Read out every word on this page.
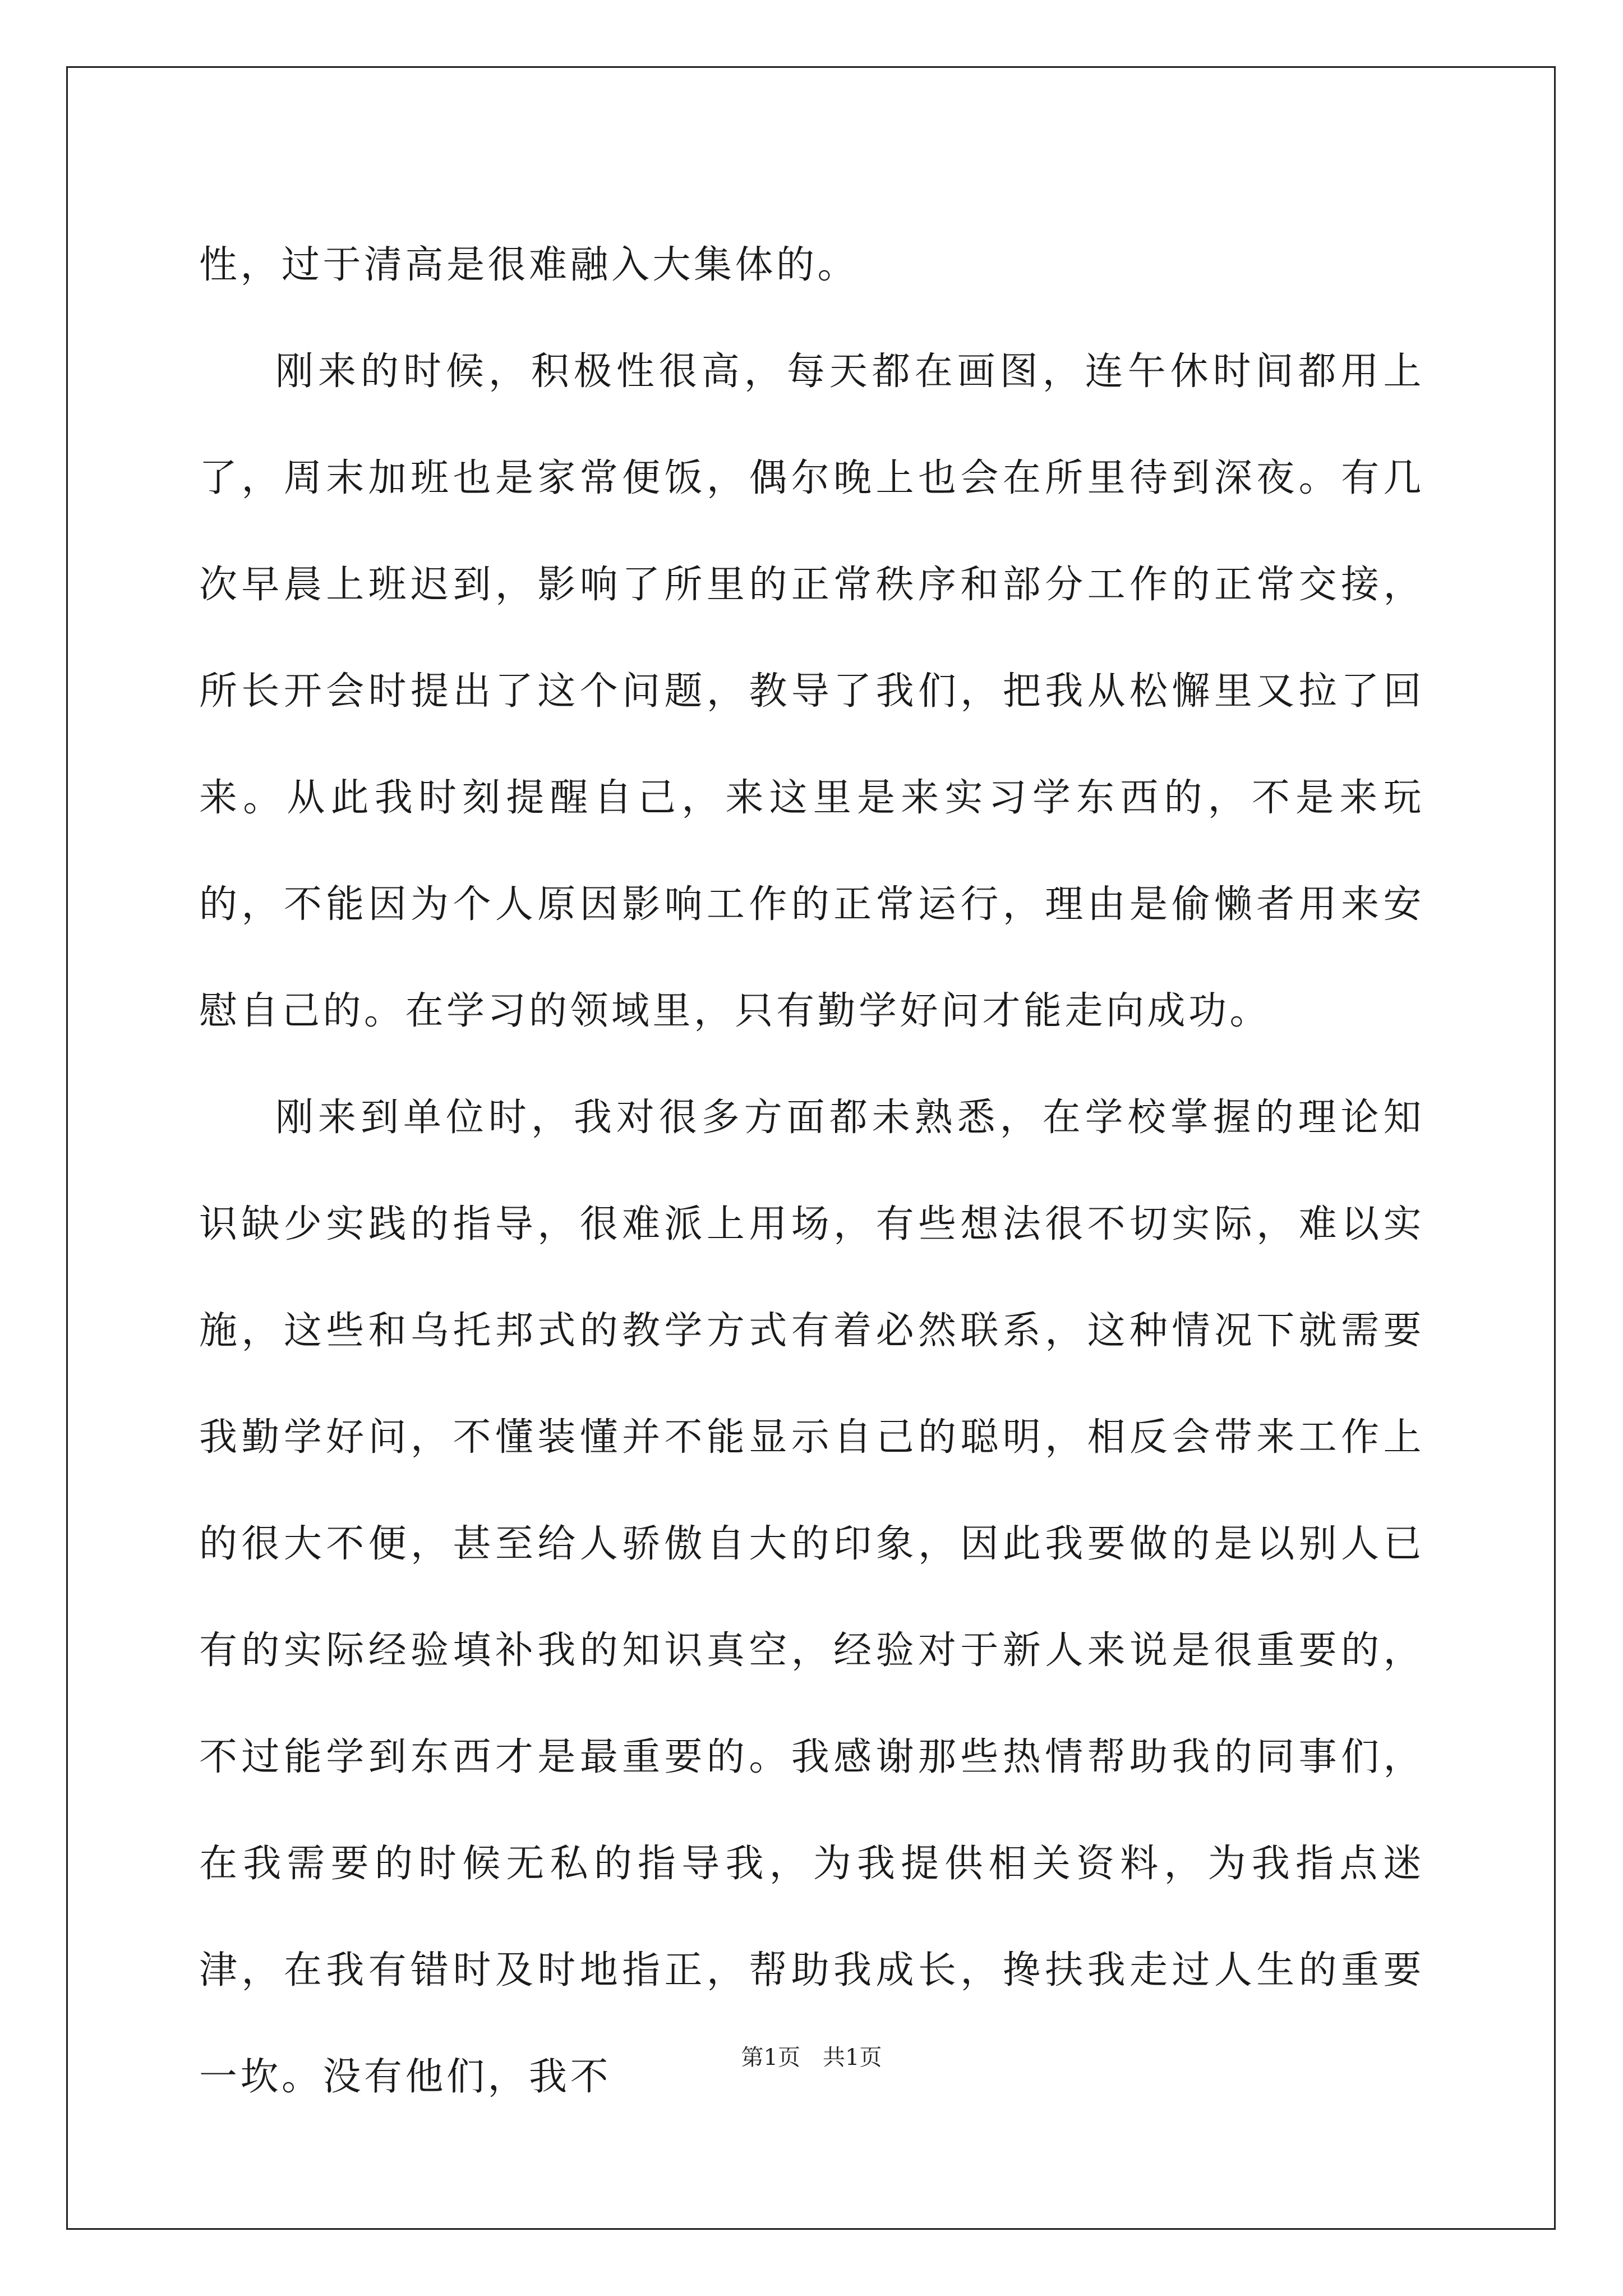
性，过于清高是很难融入大集体的。

刚来的时候，积极性很高，每天都在画图，连午休时间都用上了，周末加班也是家常便饭，偶尔晚上也会在所里待到深夜。有几次早晨上班迟到，影响了所里的正常秩序和部分工作的正常交接，所长开会时提出了这个问题，教导了我们，把我从松懈里又拉了回来。从此我时刻提醒自己，来这里是来实习学东西的，不是来玩的，不能因为个人原因影响工作的正常运行，理由是偷懒者用来安慰自己的。在学习的领域里，只有勤学好问才能走向成功。

刚来到单位时，我对很多方面都未熟悉，在学校掌握的理论知识缺少实践的指导，很难派上用场，有些想法很不切实际，难以实施，这些和乌托邦式的教学方式有着必然联系，这种情况下就需要我勤学好问，不懂装懂并不能显示自己的聪明，相反会带来工作上的很大不便，甚至给人骄傲自大的印象，因此我要做的是以别人已有的实际经验填补我的知识真空，经验对于新人来说是很重要的，不过能学到东西才是最重要的。我感谢那些热情帮助我的同事们，在我需要的时候无私的指导我，为我提供相关资料，为我指点迷津，在我有错时及时地指正，帮助我成长，搀扶我走过人生的重要一坎。没有他们，我不	第1页 共1页
